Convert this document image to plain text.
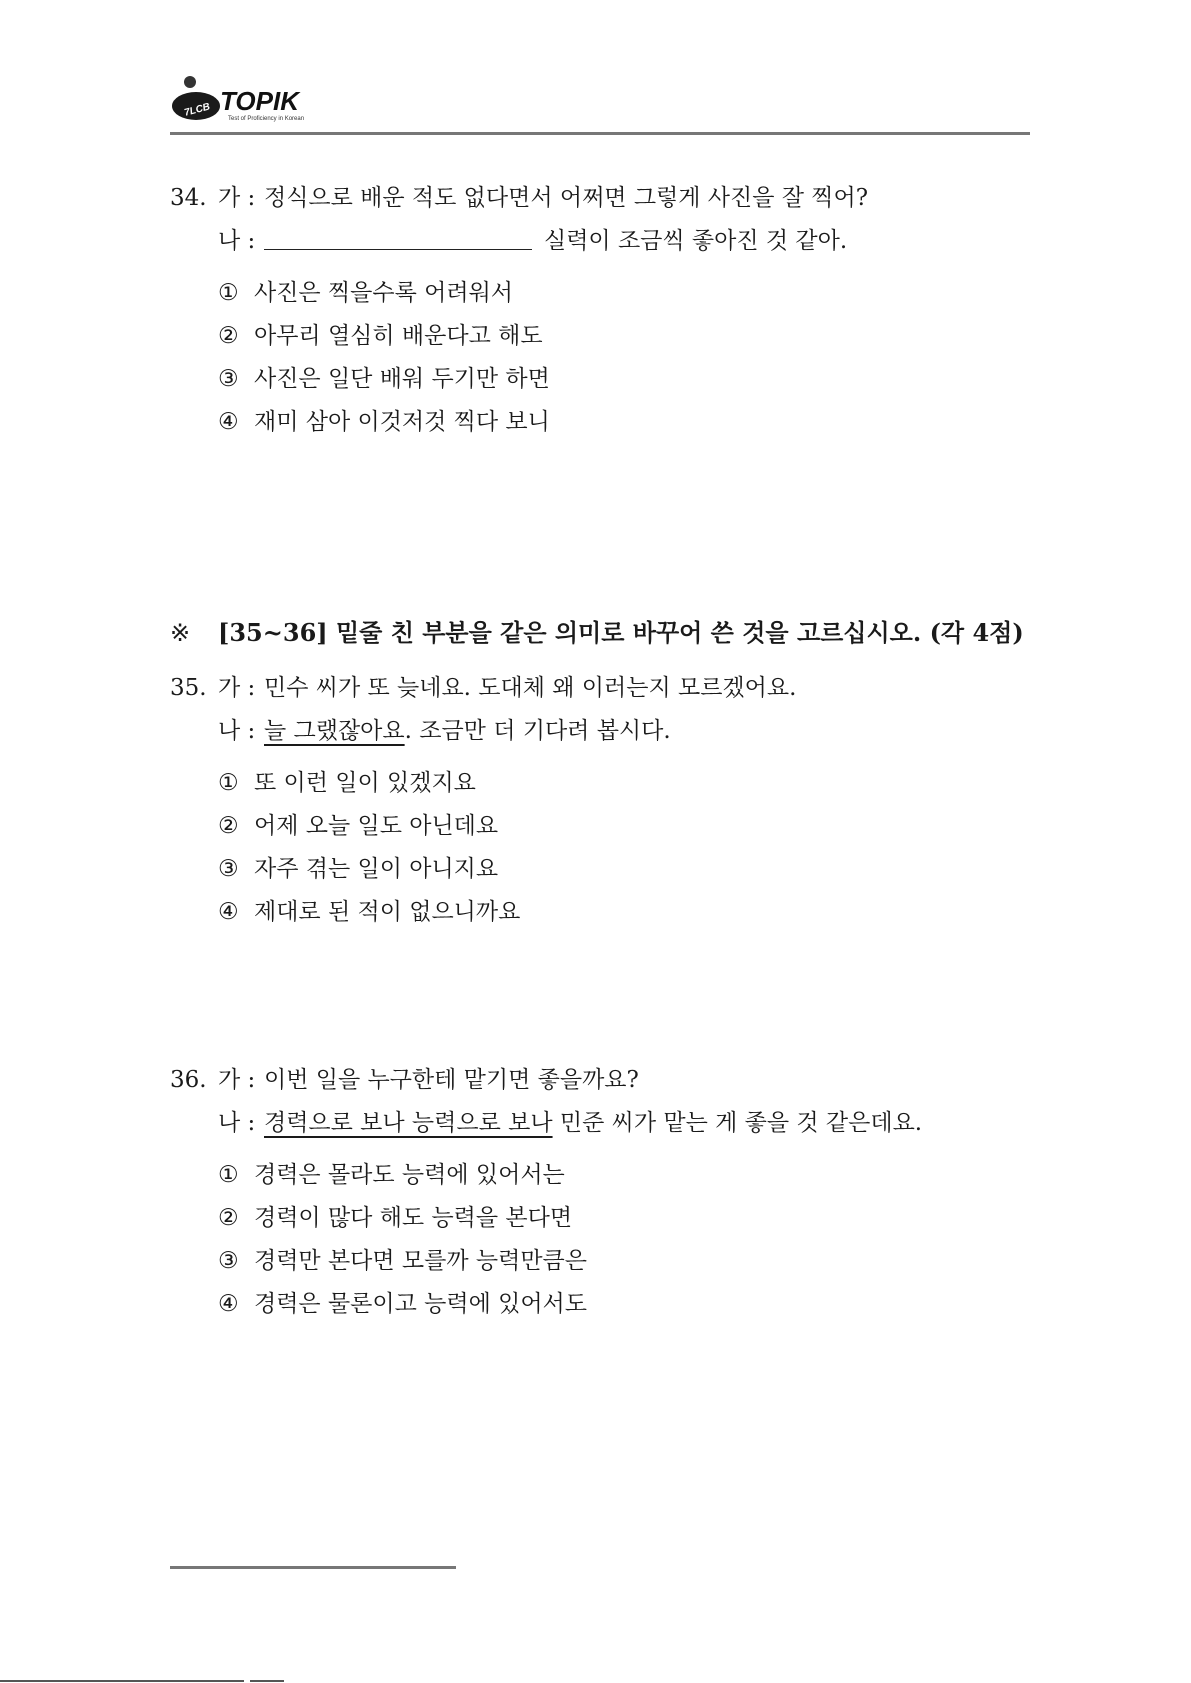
7LCB TOPIK
Test of Proficiency in Korean
34. 가 : 정식으로 배운 적도 없다면서 어쩌면 그렇게 사진을 잘 찍어?
나 :	실력이 조금씩 좋아진 것 같아.
① 사진은 찍을수록 어려워서
② 아무리 열심히 배운다고 해도
③ 사진은 일단 배워 두기만 하면
④ 재미 삼아 이것저것 찍다 보니
※ [35~36] 밑줄 친 부분을 같은 의미로 바꾸어 쓴 것을 고르십시오. (각 4점)
35. 가 : 민수 씨가 또 늦네요. 도대체 왜 이러는지 모르겠어요.
나 : 늘 그랬잖아요. 조금만 더 기다려 봅시다.
① 또 이런 일이 있겠지요
② 어제 오늘 일도 아닌데요
③ 자주 겪는 일이 아니지요
④ 제대로 된 적이 없으니까요
36. 가 : 이번 일을 누구한테 맡기면 좋을까요?
나 : 경력으로 보나 능력으로 보나 민준 씨가 맡는 게 좋을 것 같은데요.
① 경력은 몰라도 능력에 있어서는
② 경력이 많다 해도 능력을 본다면
③ 경력만 본다면 모를까 능력만큼은
④ 경력은 물론이고 능력에 있어서도
